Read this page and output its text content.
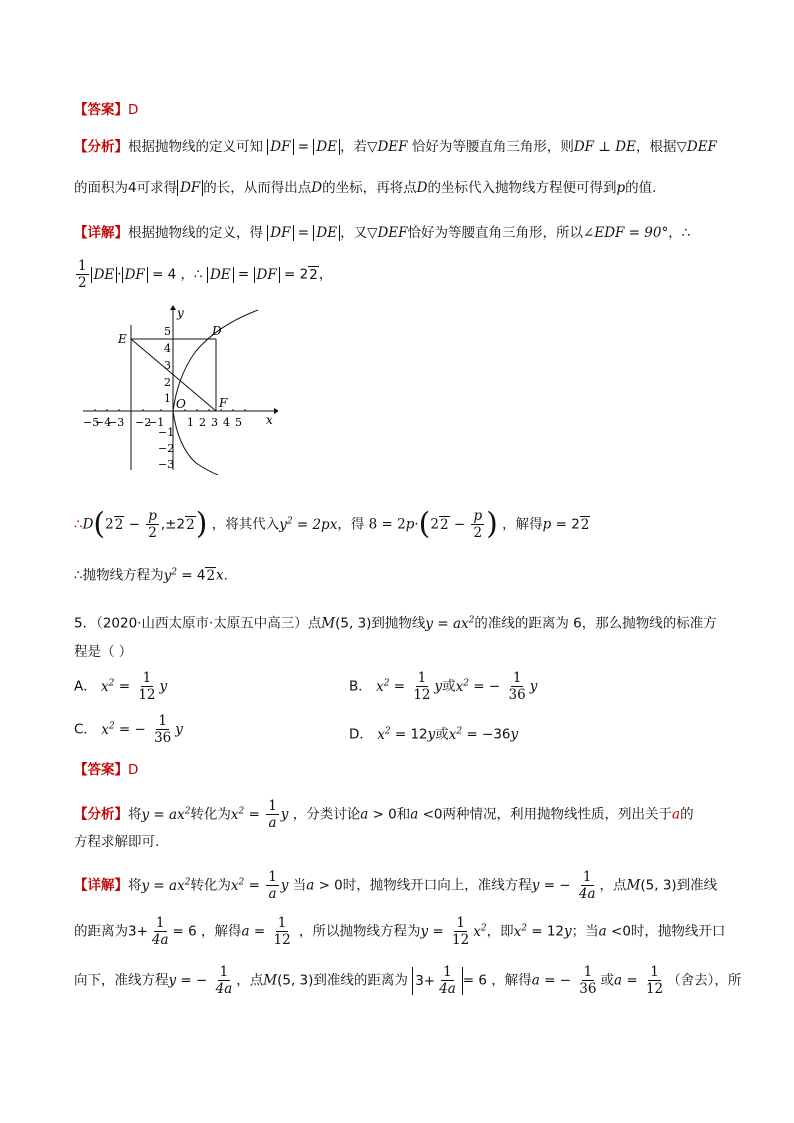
【答案】D
【分析】根据抛物线的定义可知 DF = DE ，若▽DEF 恰好为等腰直角三角形，则DF ⊥ DE，根据▽DEF
的面积为4可求得 DF 的长，从而得出点D的坐标，再将点D的坐标代入抛物线方程便可得到p的值.
【详解】根据抛物线的定义，得 DF = DE ，又▽DEF恰好为等腰直角三角形，所以∠EDF = 90°，∴
$\frac{1}{2}$ DE · DF = 4 ，∴ DE = DF = 22，
y
x
−5
−4
−3 −2
−1 1 2 3 4 5
5
4
3
2
1
−1
−2
−3
E
D
F
O
∴D(22 − $\frac{p}{2} ,\pm 22$) ，将其代入$y^2 = 2px$，得 $8 = 2p\cdot(22 - \frac{p}{2}$ ) ，解得p = 22
∴抛物线方程为$y^2 = 42x$.
5．（2020·山西太原市·太原五中高三）点M(5, 3)到抛物线$y = ax^2$的准线的距离为 6，那么抛物线的标准方
程是（ ）
A． $x^2 = \frac{1}{12}$ y	B． $x^2 = \frac{1}{12}$ y或$x^2$ = − $\frac{1}{36}$ y
C． $x^2$ = − $\frac{1}{36}$ y	D． $x^2 = 12y$或$x^2 = -36y$
【答案】D
【分析】将$y = ax^2$转化为$x^2 = \frac{1}{a}$ y ，分类讨论a > 0和a <0两种情况，利用抛物线性质，列出关于a的
方程求解即可.
【详解】将$y = ax^2$转化为$x^2 = \frac{1}{a}$ y 当a > 0时，抛物线开口向上，准线方程y = − $\frac{1}{4a}$ ，点M(5, 3)到准线
的距离为$3+ \frac{1}{4a} = 6$ ，解得$a = \frac{1}{12}$ ，所以抛物线方程为$y = \frac{1}{12} x^2$，即$x^2 = 12y$；当a <0时，抛物线开口
向下，准线方程y = − $\frac{1}{4a}$ ，点M(5, 3)到准线的距离为 $3+ \frac{1}{4a} = 6$ ，解得a = − $\frac{1}{36}$ 或$a = \frac{1}{12}$ （舍去），所
